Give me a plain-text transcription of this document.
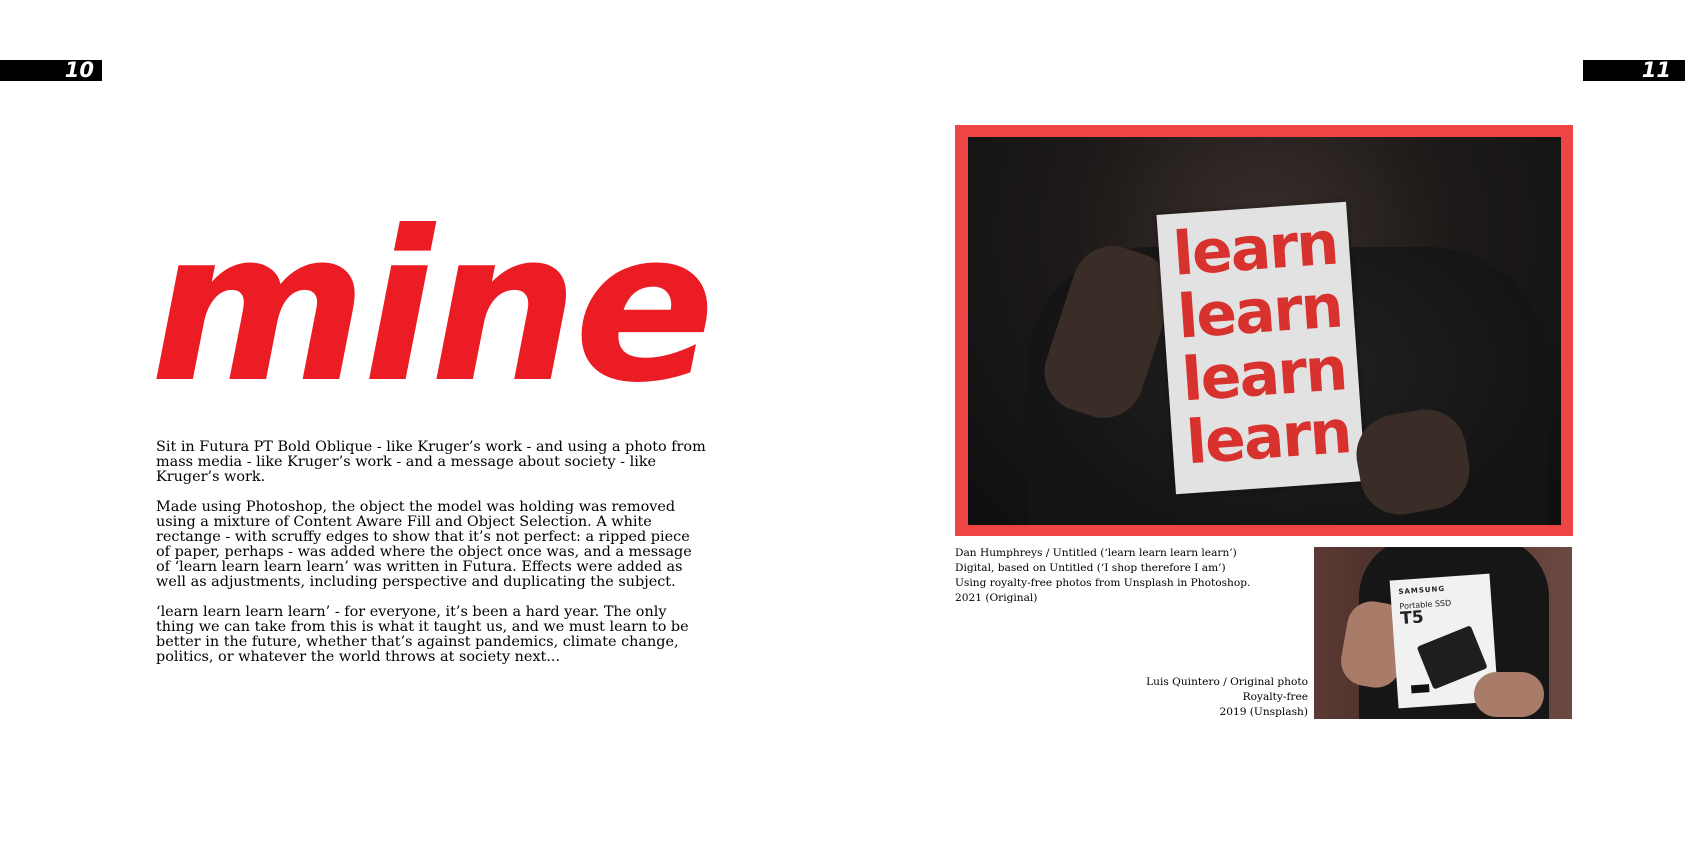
10	11
mine

Sit in Futura PT Bold Oblique - like Kruger’s work - and using a photo from mass media - like Kruger’s work - and a message about society - like Kruger’s work.

Made using Photoshop, the object the model was holding was removed using a mixture of Content Aware Fill and Object Selection. A white rectange - with scruffy edges to show that it’s not perfect: a ripped piece of paper, perhaps - was added where the object once was, and a message of ‘learn learn learn learn’ was written in Futura. Effects were added as well as adjustments, including perspective and duplicating the subject.

‘learn learn learn learn’ - for everyone, it’s been a hard year. The only thing we can take from this is what it taught us, and we must learn to be better in the future, whether that’s against pandemics, climate change, politics, or whatever the world throws at society next...

learn
learn
learn
learn
Dan Humphreys / Untitled (‘learn learn learn learn’)
Digital, based on Untitled (‘I shop therefore I am’)
Using royalty-free photos from Unsplash in Photoshop.
2021 (Original)
Luis Quintero / Original photo
Royalty-free
2019 (Unsplash)
SAMSUNG
Portable SSD
T5
